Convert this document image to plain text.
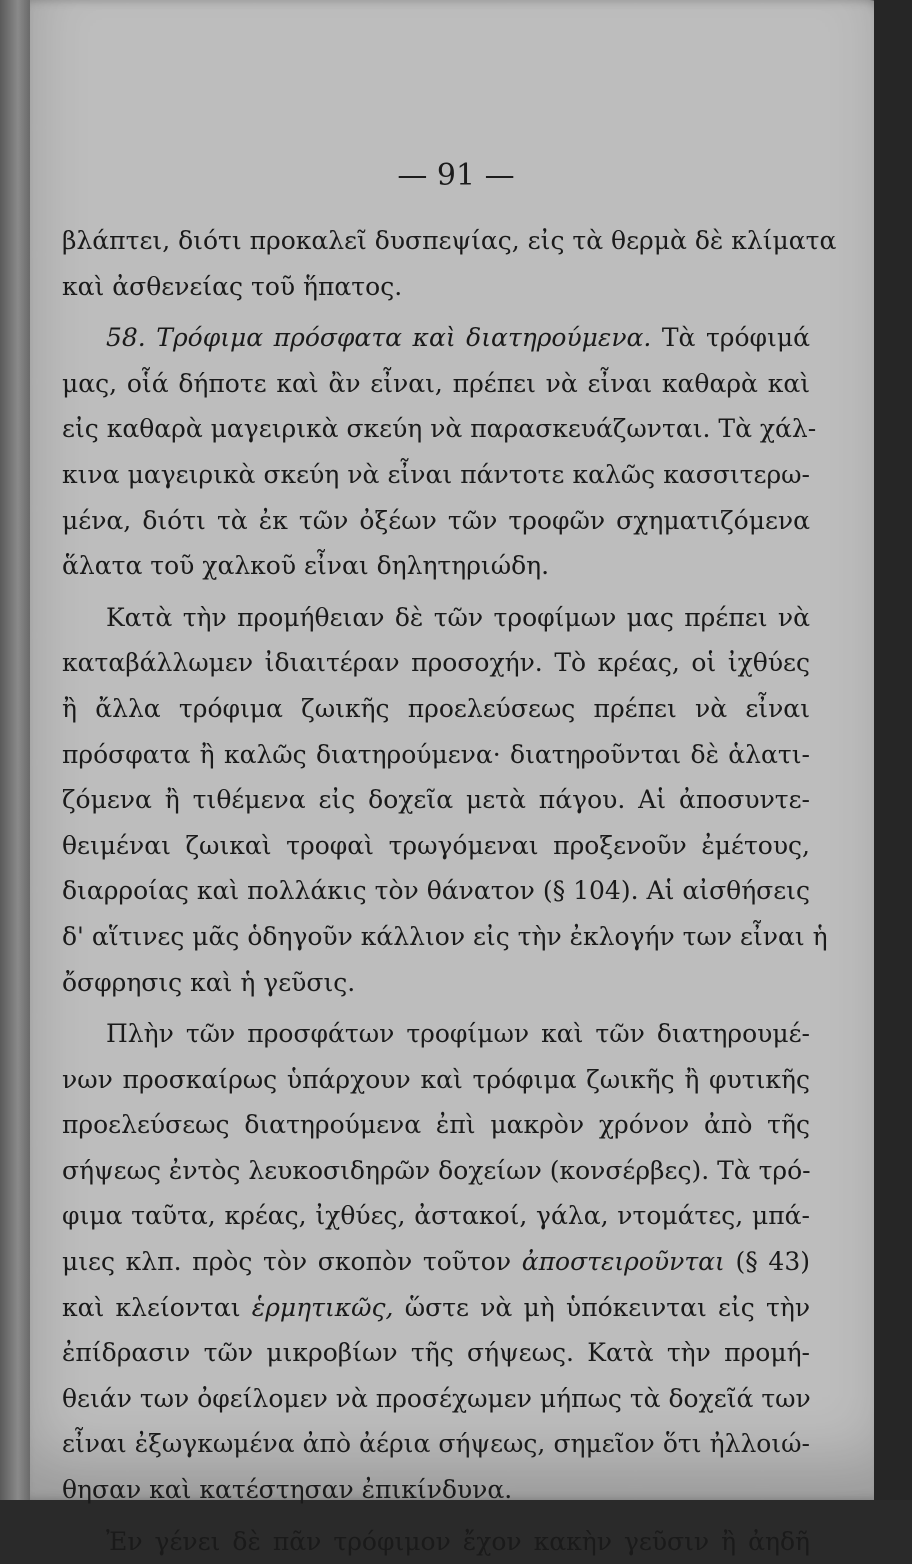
— 91 —
βλάπτει, διότι προκαλεῖ δυσπεψίας, εἰς τὰ θερμὰ δὲ κλίματα
καὶ ἀσθενείας τοῦ ἥπατος.
58. Τρόφιμα πρόσφατα καὶ διατηρούμενα. Τὰ τρόφιμά
μας, οἷά δήποτε καὶ ἂν εἶναι, πρέπει νὰ εἶναι καθαρὰ καὶ
εἰς καθαρὰ μαγειρικὰ σκεύη νὰ παρασκευάζωνται. Τὰ χάλ-
κινα μαγειρικὰ σκεύη νὰ εἶναι πάντοτε καλῶς κασσιτερω-
μένα, διότι τὰ ἐκ τῶν ὀξέων τῶν τροφῶν σχηματιζόμενα
ἅλατα τοῦ χαλκοῦ εἶναι δηλητηριώδη.
Κατὰ τὴν προμήθειαν δὲ τῶν τροφίμων μας πρέπει νὰ
καταβάλλωμεν ἰδιαιτέραν προσοχήν. Τὸ κρέας, οἱ ἰχθύες
ἢ ἄλλα τρόφιμα ζωικῆς προελεύσεως πρέπει νὰ εἶναι
πρόσφατα ἢ καλῶς διατηρούμενα· διατηροῦνται δὲ ἁλατι-
ζόμενα ἢ τιθέμενα εἰς δοχεῖα μετὰ πάγου. Αἱ ἀποσυντε-
θειμέναι ζωικαὶ τροφαὶ τρωγόμεναι προξενοῦν ἐμέτους,
διαρροίας καὶ πολλάκις τὸν θάνατον (§ 104). Αἱ αἰσθήσεις
δ' αἵτινες μᾶς ὁδηγοῦν κάλλιον εἰς τὴν ἐκλογήν των εἶναι ἡ
ὄσφρησις καὶ ἡ γεῦσις.
Πλὴν τῶν προσφάτων τροφίμων καὶ τῶν διατηρουμέ-
νων προσκαίρως ὑπάρχουν καὶ τρόφιμα ζωικῆς ἢ φυτικῆς
προελεύσεως διατηρούμενα ἐπὶ μακρὸν χρόνον ἀπὸ τῆς
σήψεως ἐντὸς λευκοσιδηρῶν δοχείων (κονσέρβες). Τὰ τρό-
φιμα ταῦτα, κρέας, ἰχθύες, ἀστακοί, γάλα, ντομάτες, μπά-
μιες κλπ. πρὸς τὸν σκοπὸν τοῦτον ἀποστειροῦνται (§ 43)
καὶ κλείονται ἑρμητικῶς, ὥστε νὰ μὴ ὑπόκεινται εἰς τὴν
ἐπίδρασιν τῶν μικροβίων τῆς σήψεως. Κατὰ τὴν προμή-
θειάν των ὀφείλομεν νὰ προσέχωμεν μήπως τὰ δοχεῖά των
εἶναι ἐξωγκωμένα ἀπὸ ἀέρια σήψεως, σημεῖον ὅτι ἠλλοιώ-
θησαν καὶ κατέστησαν ἐπικίνδυνα.
Ἐν γένει δὲ πᾶν τρόφιμον ἔχον κακὴν γεῦσιν ἢ ἀηδῆ
